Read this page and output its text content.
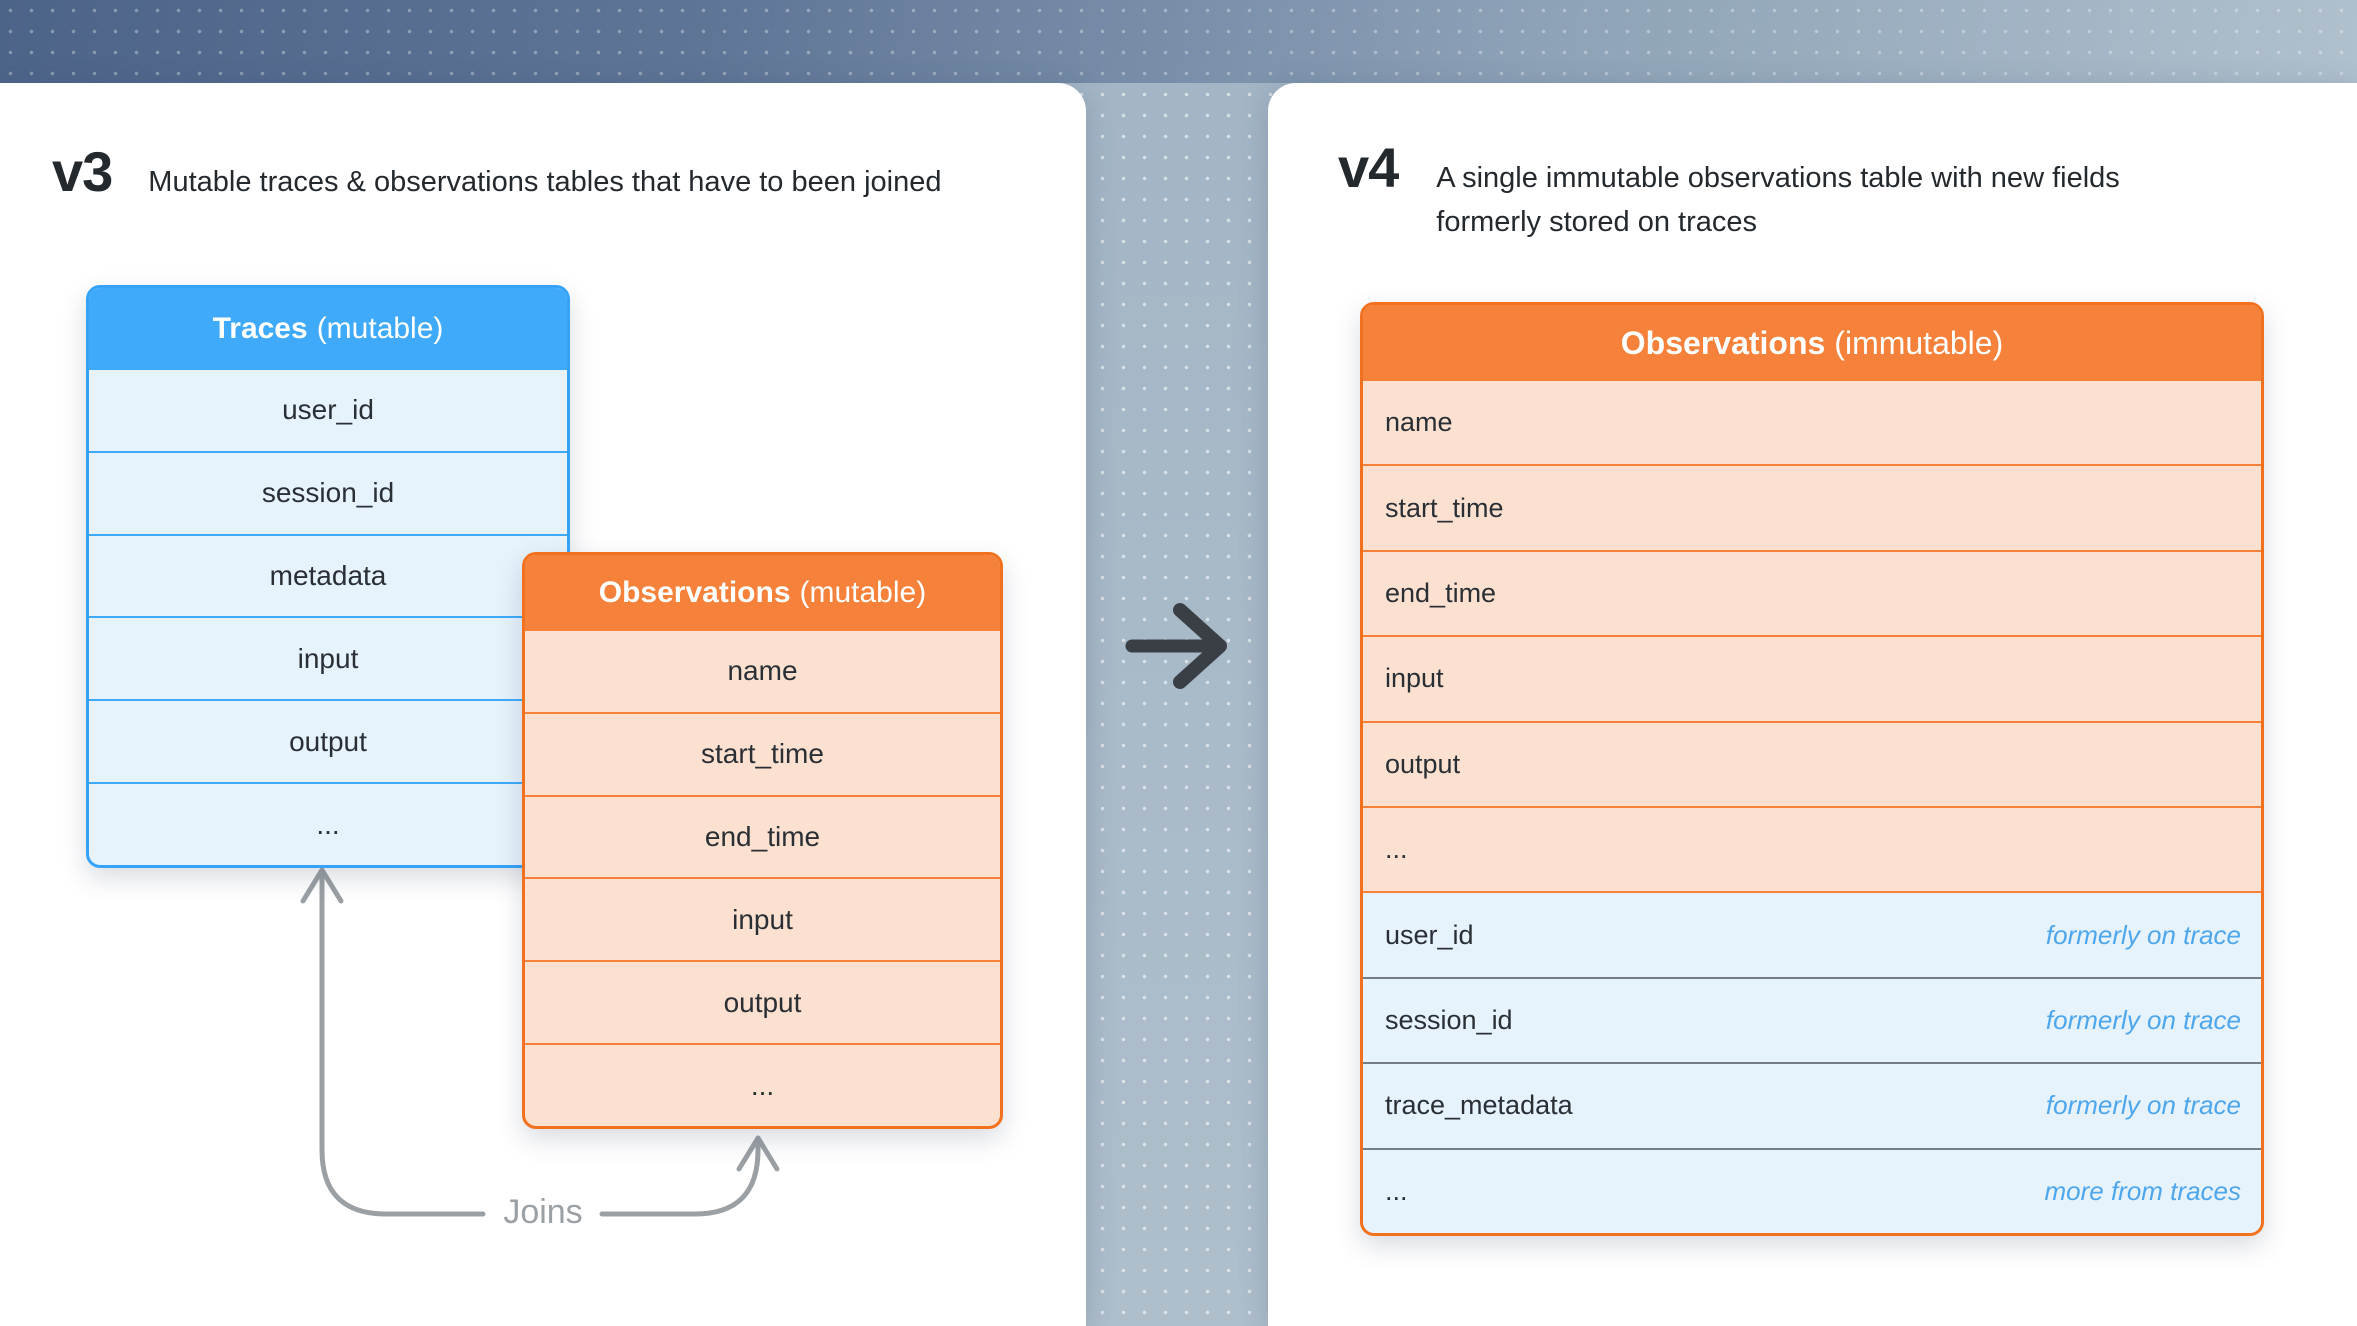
v3 Mutable traces & observations tables that have to been joined
Traces (mutable)
user_id
session_id
metadata
input
output
...
Observations (mutable)
name
start_time
end_time
input
output
...
Joins
v4 A single immutable observations table with new fields formerly stored on traces
Observations (immutable)
name
start_time
end_time
input
output
...
user_id	formerly on trace
session_id	formerly on trace
trace_metadata	formerly on trace
...	more from traces
